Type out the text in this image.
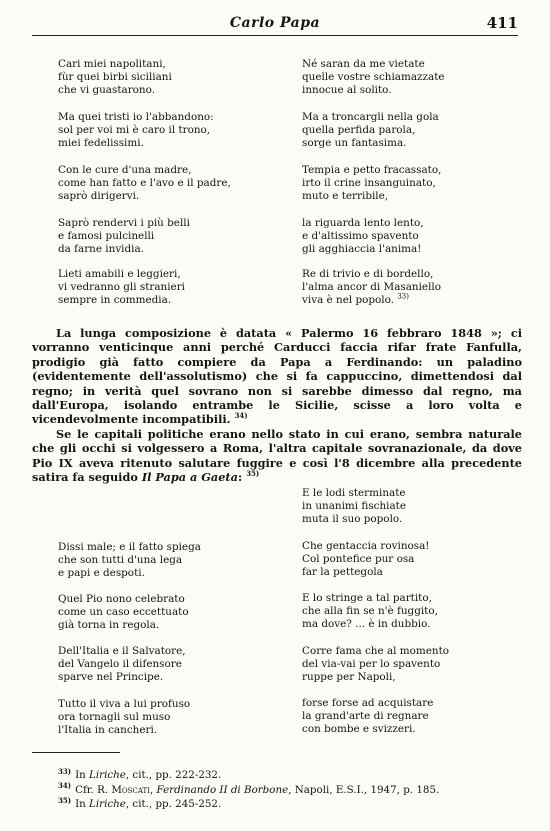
Carlo Papa	411
Cari miei napolitani,
fùr quei birbi siciliani
che vi guastarono.
Ma quei tristi io l'abbandono:
sol per voi mi è caro il trono,
miei fedelissimi.
Con le cure d'una madre,
come han fatto e l'avo e il padre,
saprò dirigervi.
Saprò rendervi i più belli
e famosi pulcinelli
da farne invidia.
Lieti amabili e leggieri,
vi vedranno gli stranieri
sempre in commedia.
Né saran da me vietate
quelle vostre schiamazzate
innocue al solito.
Ma a troncargli nella gola
quella perfida parola,
sorge un fantasima.
Tempia e petto fracassato,
irto il crine insanguinato,
muto e terribile,
la riguarda lento lento,
e d'altissimo spavento
gli agghiaccia l'anima!
Re di trivio e di bordello,
l'alma ancor di Masaniello
viva è nel popolo. $^{33)}$

La lunga composizione è datata « Palermo 16 febbraro 1848 »; ci vorranno venticinque anni perché Carducci faccia rifar frate Fanfulla, prodigio già fatto compiere da Papa a Ferdinando: un paladino (evidentemente dell'assolutismo) che si fa cappuccino, dimettendosi dal regno; in verità quel sovrano non si sarebbe dimesso dal regno, ma dall'Europa, isolando entrambe le Sicilie, scisse a loro volta e vicendevolmente incompatibili. $^{34)}$

Se le capitali politiche erano nello stato in cui erano, sembra naturale che gli occhi si volgessero a Roma, l'altra capitale sovranazionale, da dove Pio IX aveva ritenuto salutare fuggire e così l'8 dicembre alla precedente satira fa seguido Il Papa a Gaeta: $^{35)}$

E le lodi sterminate
in unanimi fischiate
muta il suo popolo.
Che gentaccia rovinosa!
Col pontefice pur osa
far la pettegola
E lo stringe a tal partito,
che alla fin se n'è fuggito,
ma dove? ... è in dubbio.
Corre fama che al momento
del via-vai per lo spavento
ruppe per Napoli,
forse forse ad acquistare
la grand'arte di regnare
con bombe e svizzeri.
Dissi male; e il fatto spiega
che son tutti d'una lega
e papi e despoti.
Quel Pio nono celebrato
come un caso eccettuato
già torna in regola.
Dell'Italia e il Salvatore,
del Vangelo il difensore
sparve nel Principe.
Tutto il viva a lui profuso
ora tornagli sul muso
l'Italia in cancheri.
$^{33)}$ In Liriche, cit., pp. 222-232.
$^{34)}$ Cfr. R. Moscati, Ferdinando II di Borbone, Napoli, E.S.I., 1947, p. 185.
$^{35)}$ In Liriche, cit., pp. 245-252.
